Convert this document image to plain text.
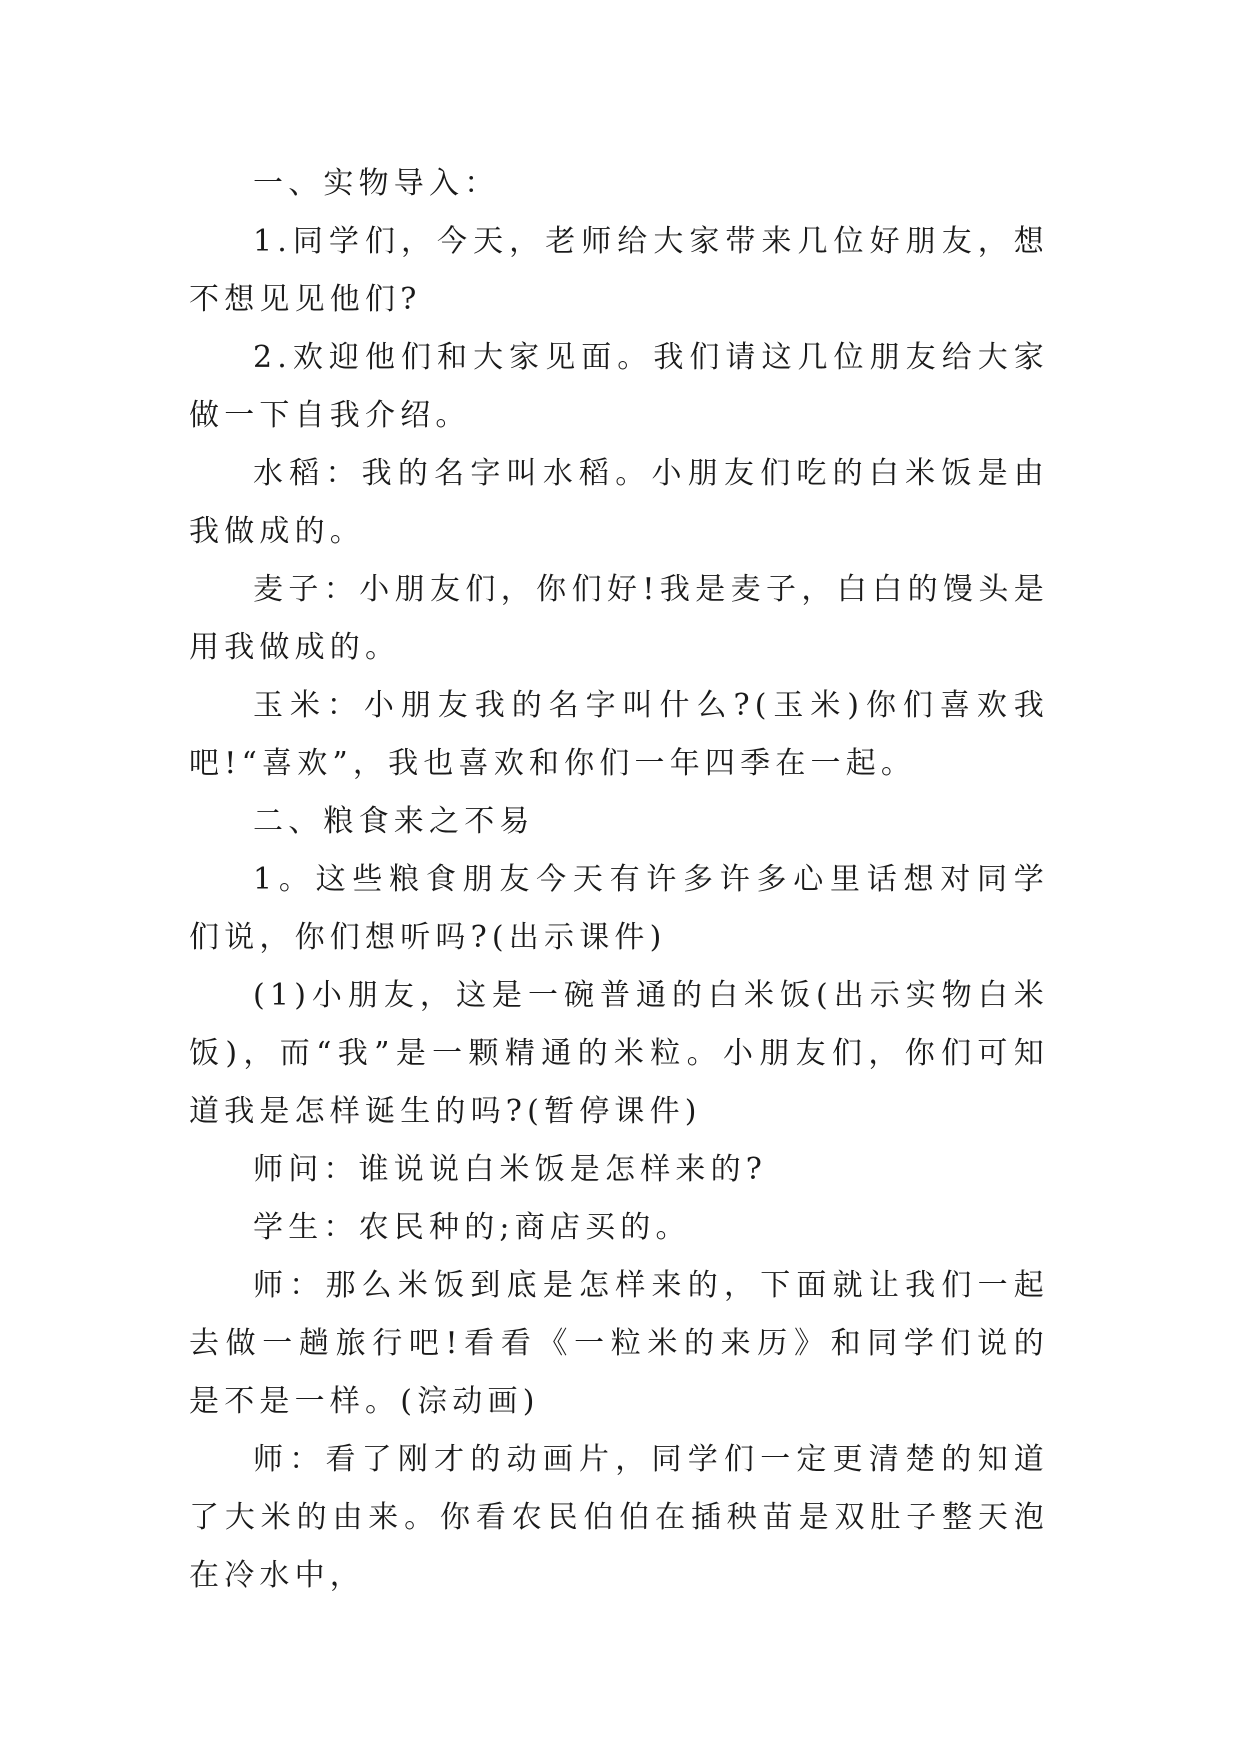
一、实物导入：

1.同学们，今天，老师给大家带来几位好朋友，想不想见见他们?

2.欢迎他们和大家见面。我们请这几位朋友给大家做一下自我介绍。

水稻：我的名字叫水稻。小朋友们吃的白米饭是由我做成的。

麦子：小朋友们，你们好!我是麦子，白白的馒头是用我做成的。

玉米：小朋友我的名字叫什么?(玉米)你们喜欢我吧!“喜欢”，我也喜欢和你们一年四季在一起。

二、粮食来之不易

1。这些粮食朋友今天有许多许多心里话想对同学们说，你们想听吗?(出示课件)

(1)小朋友，这是一碗普通的白米饭(出示实物白米饭)，而“我”是一颗精通的米粒。小朋友们，你们可知道我是怎样诞生的吗?(暂停课件)

师问：谁说说白米饭是怎样来的?

学生：农民种的;商店买的。

师：那么米饭到底是怎样来的，下面就让我们一起去做一趟旅行吧!看看《一粒米的来历》和同学们说的是不是一样。(淙动画)

师：看了刚才的动画片，同学们一定更清楚的知道了大米的由来。你看农民伯伯在插秧苗是双肚子整天泡在冷水中，
